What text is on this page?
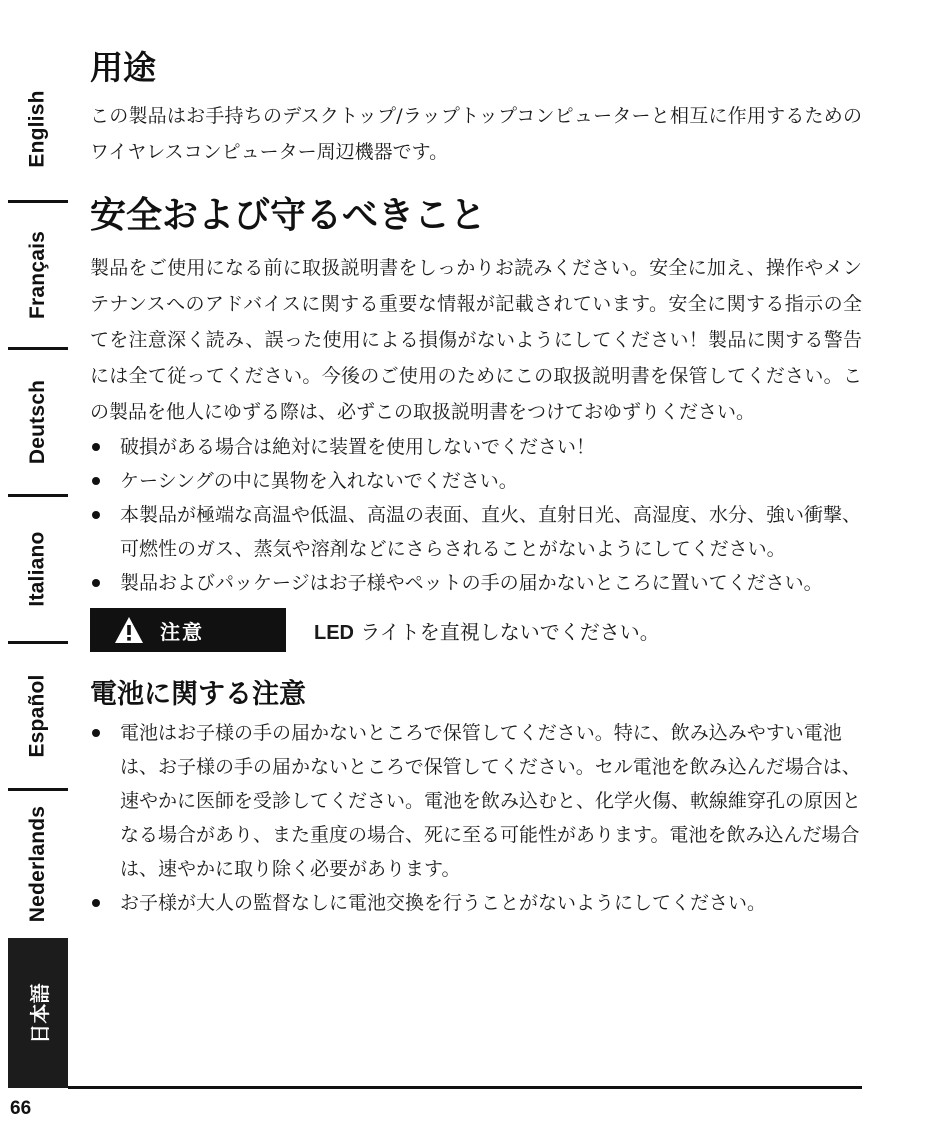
English
Français
Deutsch
Italiano
Español
Nederlands
日本語
用途

この製品はお手持ちのデスクトップ/ラップトップコンピューターと相互に作用するためのワイヤレスコンピューター周辺機器です。

安全および守るべきこと

製品をご使用になる前に取扱説明書をしっかりお読みください。安全に加え、操作やメンテナンスへのアドバイスに関する重要な情報が記載されています。安全に関する指示の全てを注意深く読み、誤った使用による損傷がないようにしてください！製品に関する警告には全て従ってください。今後のご使用のためにこの取扱説明書を保管してください。この製品を他人にゆずる際は、必ずこの取扱説明書をつけておゆずりください。

破損がある場合は絶対に装置を使用しないでください！
ケーシングの中に異物を入れないでください。
本製品が極端な高温や低温、高温の表面、直火、直射日光、高湿度、水分、強い衝撃、可燃性のガス、蒸気や溶剤などにさらされることがないようにしてください。
製品およびパッケージはお子様やペットの手の届かないところに置いてください。
注意	LED ライトを直視しないでください。
電池に関する注意
電池はお子様の手の届かないところで保管してください。特に、飲み込みやすい電池は、お子様の手の届かないところで保管してください。セル電池を飲み込んだ場合は、速やかに医師を受診してください。電池を飲み込むと、化学火傷、軟線維穿孔の原因となる場合があり、また重度の場合、死に至る可能性があります。電池を飲み込んだ場合は、速やかに取り除く必要があります。
お子様が大人の監督なしに電池交換を行うことがないようにしてください。
66
